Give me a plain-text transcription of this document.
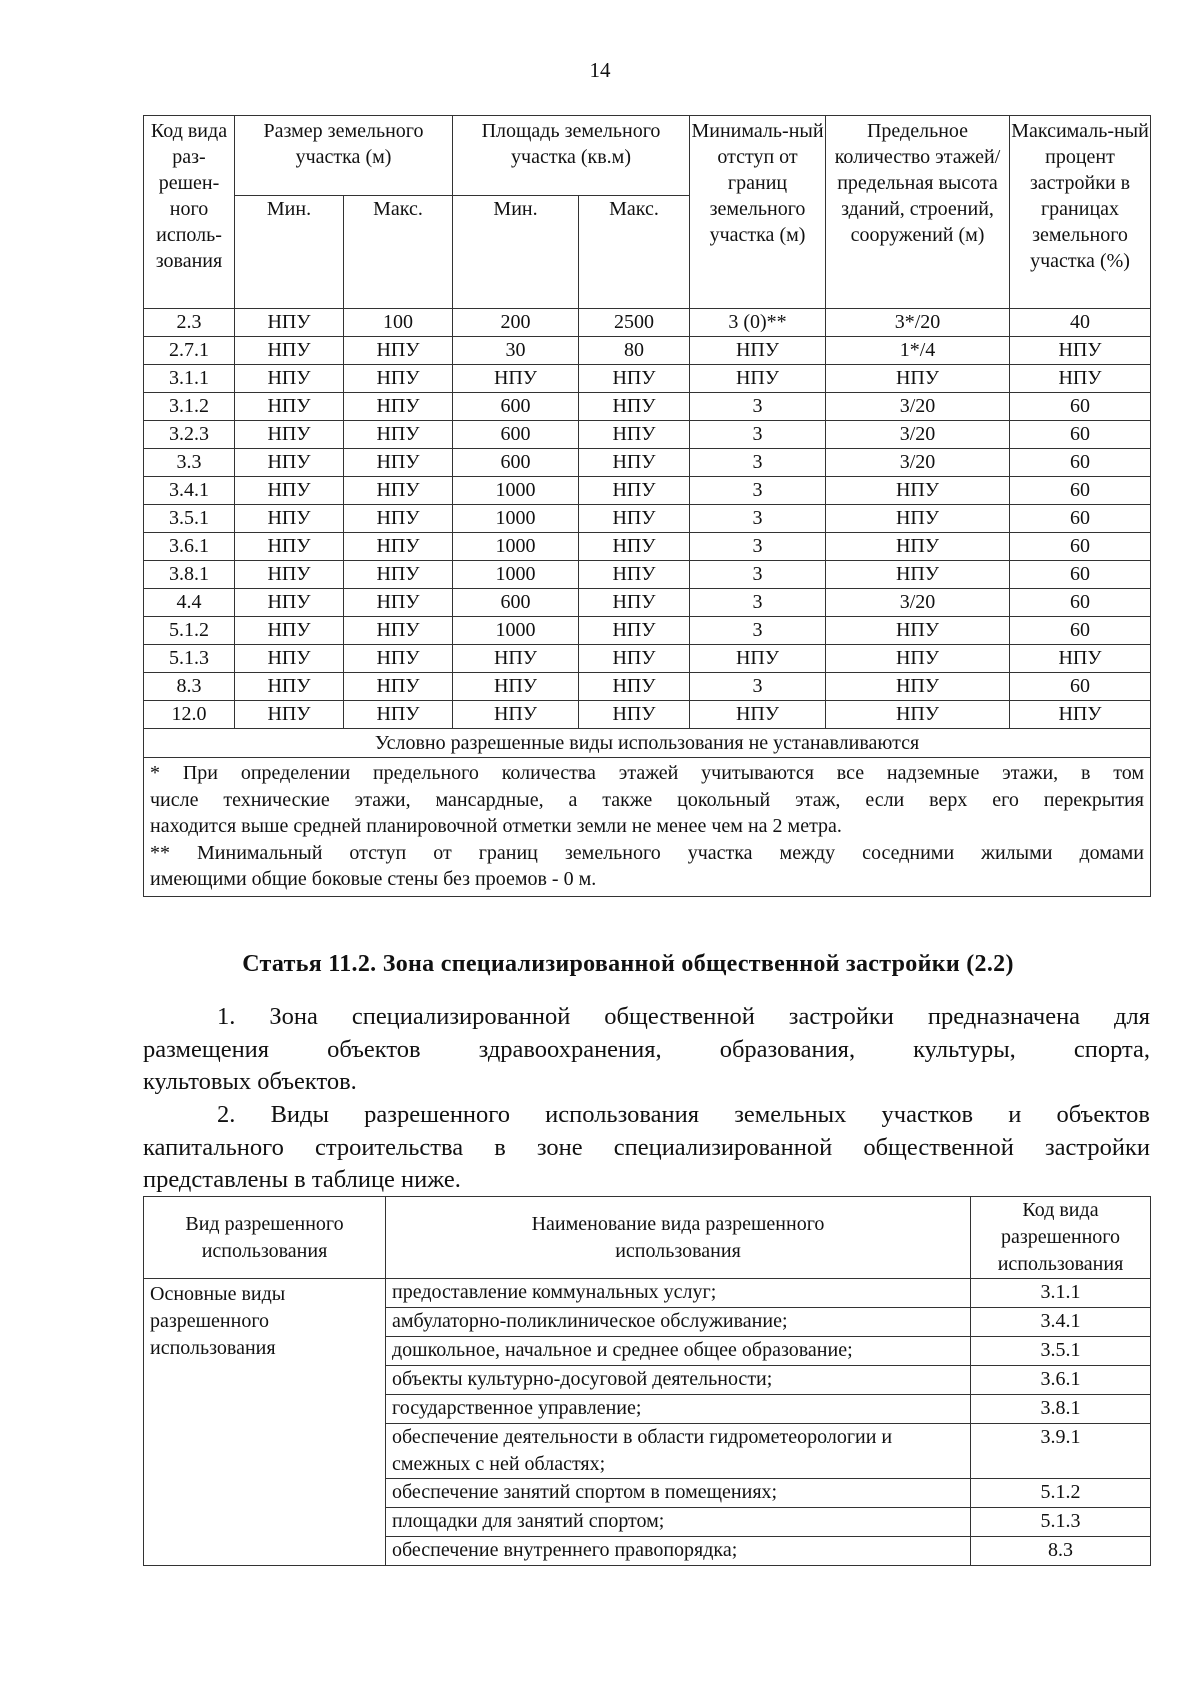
14
Код вида раз-решен-ного исполь-зования	Размер земельного участка (м)		Площадь земельного участка (кв.м)		Минималь-ный отступ от границ земельного участка (м)	Предельное количество этажей/ предельная высота зданий, строений, сооружений (м)	Максималь-ный процент застройки в границах земельного участка (%)
	Мин.	Макс.	Мин.	Макс.			
2.3	НПУ	100	200	2500	3 (0)**	3*/20	40
2.7.1	НПУ	НПУ	30	80	НПУ	1*/4	НПУ
3.1.1	НПУ	НПУ	НПУ	НПУ	НПУ	НПУ	НПУ
3.1.2	НПУ	НПУ	600	НПУ	3	3/20	60
3.2.3	НПУ	НПУ	600	НПУ	3	3/20	60
3.3	НПУ	НПУ	600	НПУ	3	3/20	60
3.4.1	НПУ	НПУ	1000	НПУ	3	НПУ	60
3.5.1	НПУ	НПУ	1000	НПУ	3	НПУ	60
3.6.1	НПУ	НПУ	1000	НПУ	3	НПУ	60
3.8.1	НПУ	НПУ	1000	НПУ	3	НПУ	60
4.4	НПУ	НПУ	600	НПУ	3	3/20	60
5.1.2	НПУ	НПУ	1000	НПУ	3	НПУ	60
5.1.3	НПУ	НПУ	НПУ	НПУ	НПУ	НПУ	НПУ
8.3	НПУ	НПУ	НПУ	НПУ	3	НПУ	60
12.0	НПУ	НПУ	НПУ	НПУ	НПУ	НПУ	НПУ
Условно разрешенные виды использования не устанавливаются							

* При определении предельного количества этажей учитываются все надземные этажи, в том
числе технические этажи, мансардные, а также цокольный этаж, если верх его перекрытия
находится выше средней планировочной отметки земли не менее чем на 2 метра.
** Минимальный отступ от границ земельного участка между соседними жилыми домами
имеющими общие боковые стены без проемов - 0 м.							
Статья 11.2. Зона специализированной общественной застройки (2.2)

1. Зона специализированной общественной застройки предназначена для
размещения объектов здравоохранения, образования, культуры, спорта,
культовых объектов.

2. Виды разрешенного использования земельных участков и объектов
капитального строительства в зоне специализированной общественной застройки
представлены в таблице ниже.

Вид разрешенного использования	Наименование вида разрешенного использования	Код вида разрешенного использования
Основные виды разрешенного использования	предоставление коммунальных услуг;	3.1.1
	амбулаторно-поликлиническое обслуживание;	3.4.1
	дошкольное, начальное и среднее общее образование;	3.5.1
	объекты культурно-досуговой деятельности;	3.6.1
	государственное управление;	3.8.1
	обеспечение деятельности в области гидрометеорологии и смежных с ней областях;	3.9.1
	обеспечение занятий спортом в помещениях;	5.1.2
	площадки для занятий спортом;	5.1.3
	обеспечение внутреннего правопорядка;	8.3
